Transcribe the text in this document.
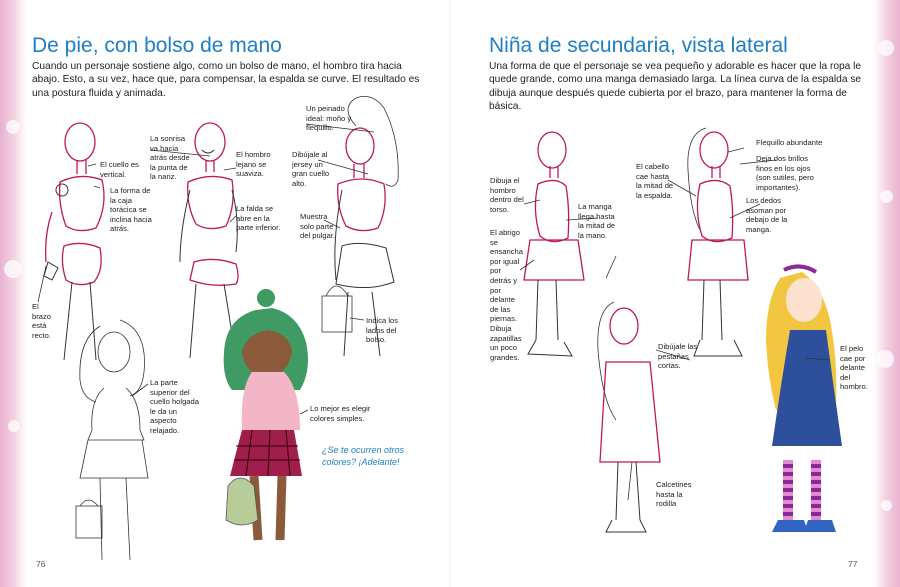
De pie, con bolso de mano

Cuando un personaje sostiene algo, como un bolso de mano, el hombro tira hacia abajo. Esto, a su vez, hace que, para compensar, la espalda se curve. El resultado es una postura fluida y animada.

El cuello es vertical.

La forma de la caja torácica se inclina hacia atrás.

El brazo está recto.

La sonrisa va hacia atrás desde la punta de la nariz.

El hombro lejano se suaviza.

La falda se abre en la parte inferior.

Un peinado ideal: moño y flequillo.

Dibújale al jersey un gran cuello alto.

Muestra solo parte del pulgar.

Indica los lados del bolso.

La parte superior del cuello holgada le da un aspecto relajado.

Lo mejor es elegir colores simples.

¿Se te ocurren otros colores? ¡Adelante!

76
Niña de secundaria, vista lateral

Una forma de que el personaje se vea pequeño y adorable es hacer que la ropa le quede grande, como una manga demasiado larga. La línea curva de la espalda se dibuja aunque después quede cubierta por el brazo, para mantener la forma de básica.

Dibuja el hombro dentro del torso.	La manga llega hasta la mitad de la mano.

El abrigo se ensancha por igual por detrás y por delante de las piernas.

Dibuja zapatillas un poco grandes.

El cabello cae hasta la mitad de la espalda.

Flequillo abundante

Deja dos brillos finos en los ojos (son sutiles, pero importantes).

Los dedos asoman por debajo de la manga.

Dibújale las pestañas cortas.

Calcetines hasta la rodilla

El pelo cae por delante del hombro.

77
